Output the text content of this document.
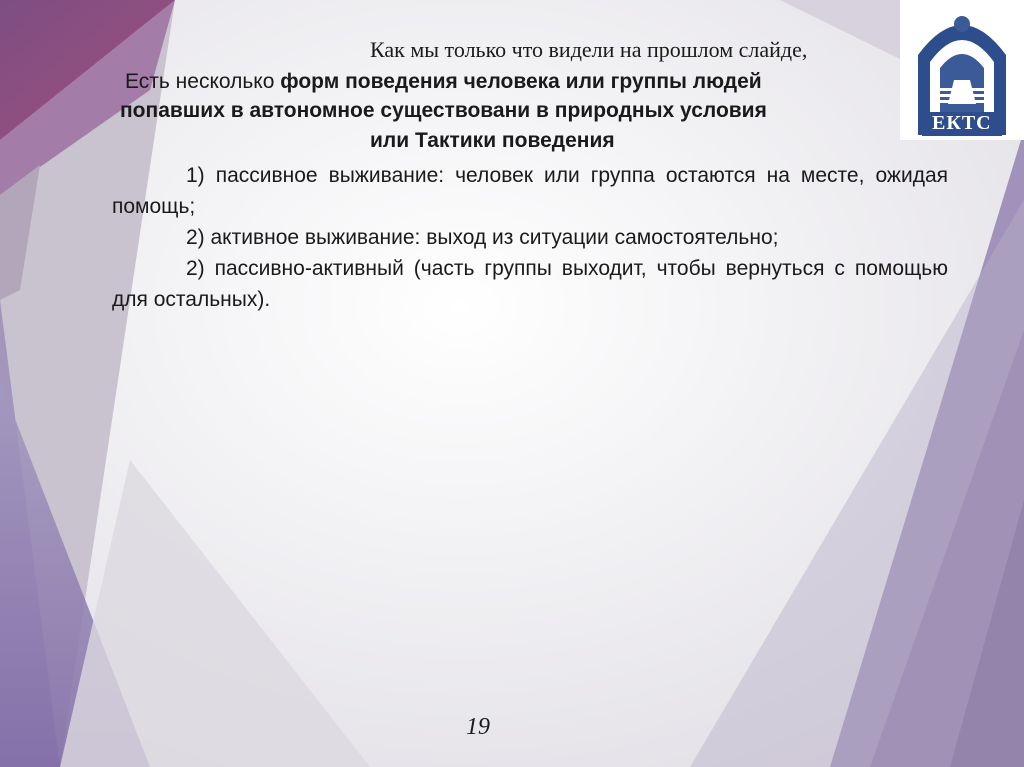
ЕКТС

Как мы только что видели на прошлом слайде,

Есть несколько форм поведения человека или группы людей

попавших в автономное существовани в природных условия

или Тактики поведения

1) пассивное выживание: человек или группа остаются на месте, ожидая помощь;

2) активное выживание: выход из ситуации самостоятельно;

2) пассивно-активный (часть группы выходит, чтобы вернуться с помощью для остальных).

19
